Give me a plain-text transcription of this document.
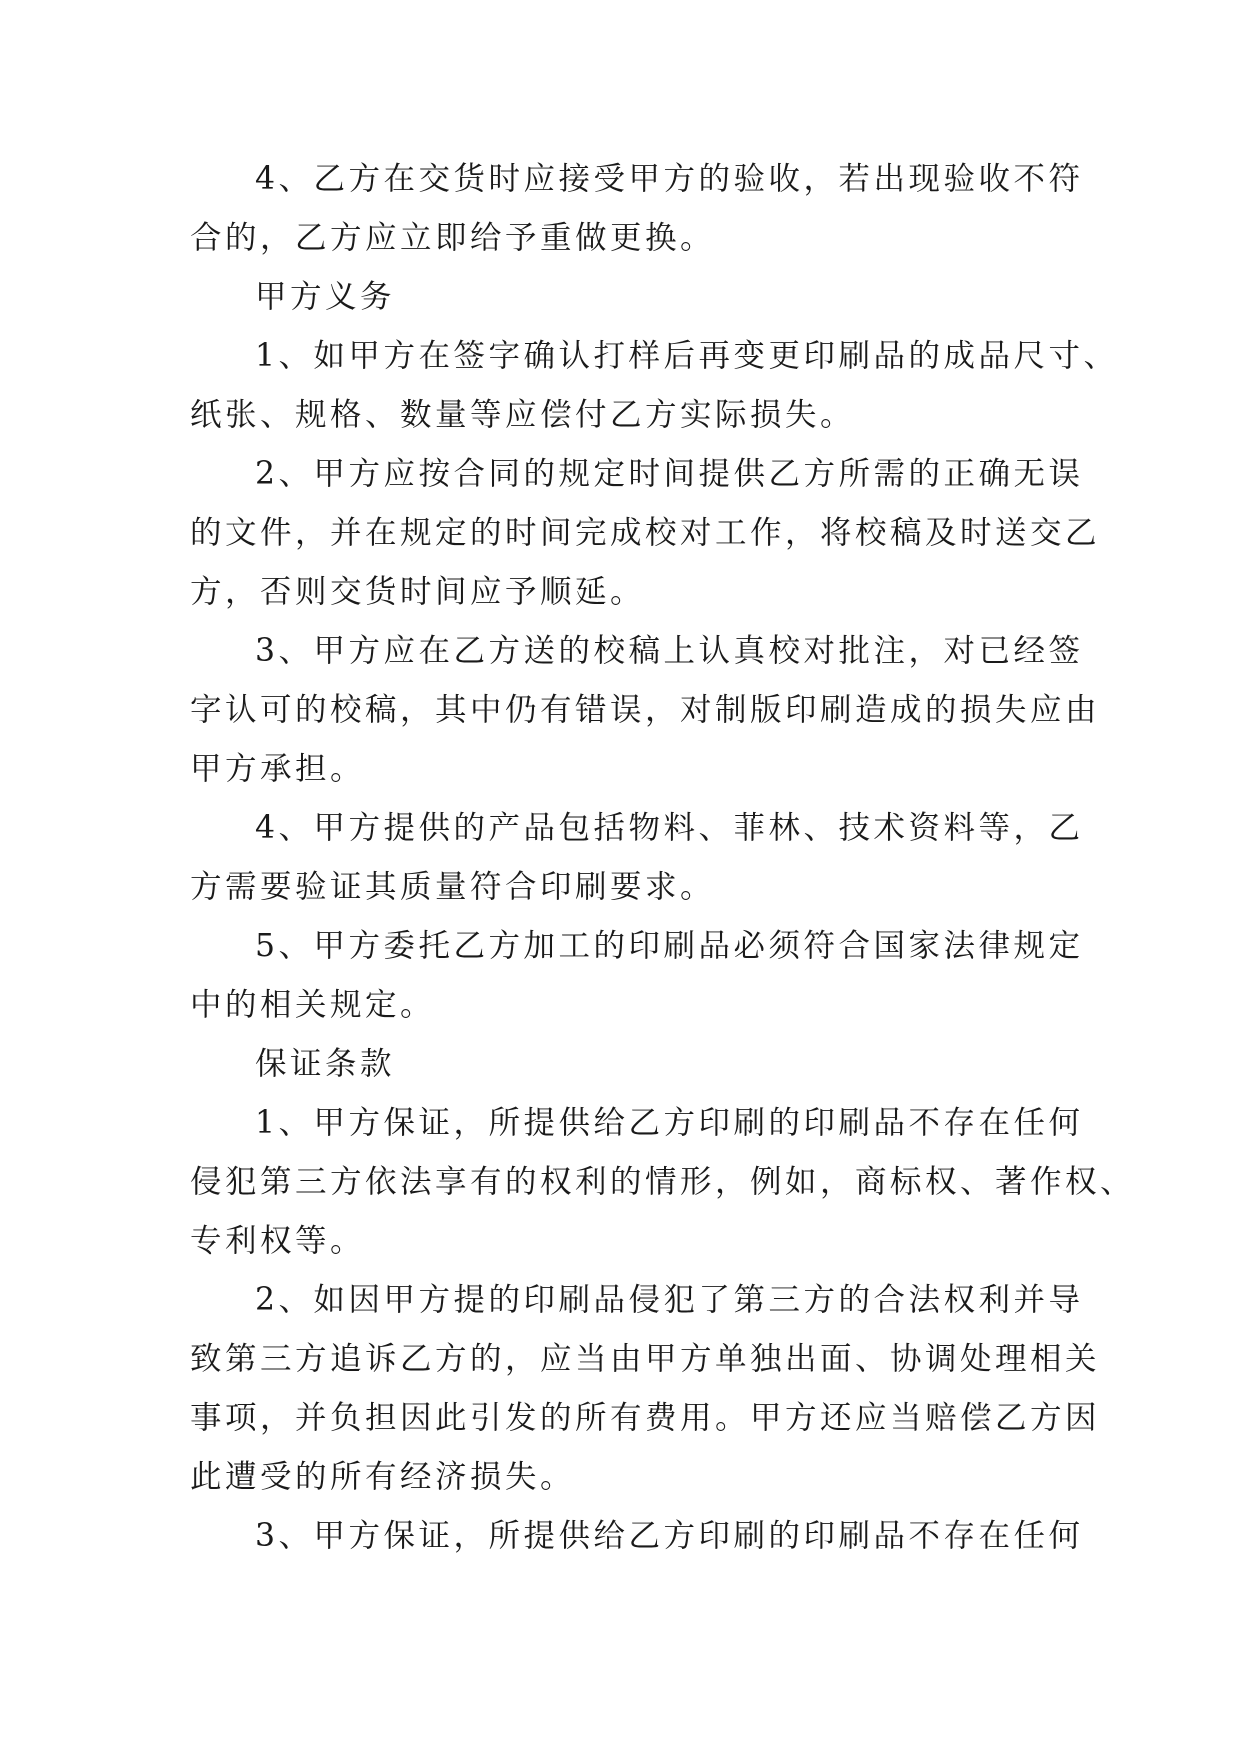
4、乙方在交货时应接受甲方的验收，若出现验收不符
合的，乙方应立即给予重做更换。
甲方义务
1、如甲方在签字确认打样后再变更印刷品的成品尺寸、
纸张、规格、数量等应偿付乙方实际损失。
2、甲方应按合同的规定时间提供乙方所需的正确无误
的文件，并在规定的时间完成校对工作，将校稿及时送交乙
方，否则交货时间应予顺延。
3、甲方应在乙方送的校稿上认真校对批注，对已经签
字认可的校稿，其中仍有错误，对制版印刷造成的损失应由
甲方承担。
4、甲方提供的产品包括物料、菲林、技术资料等，乙
方需要验证其质量符合印刷要求。
5、甲方委托乙方加工的印刷品必须符合国家法律规定
中的相关规定。
保证条款
1、甲方保证，所提供给乙方印刷的印刷品不存在任何
侵犯第三方依法享有的权利的情形，例如，商标权、著作权、
专利权等。
2、如因甲方提的印刷品侵犯了第三方的合法权利并导
致第三方追诉乙方的，应当由甲方单独出面、协调处理相关
事项，并负担因此引发的所有费用。甲方还应当赔偿乙方因
此遭受的所有经济损失。
3、甲方保证，所提供给乙方印刷的印刷品不存在任何
